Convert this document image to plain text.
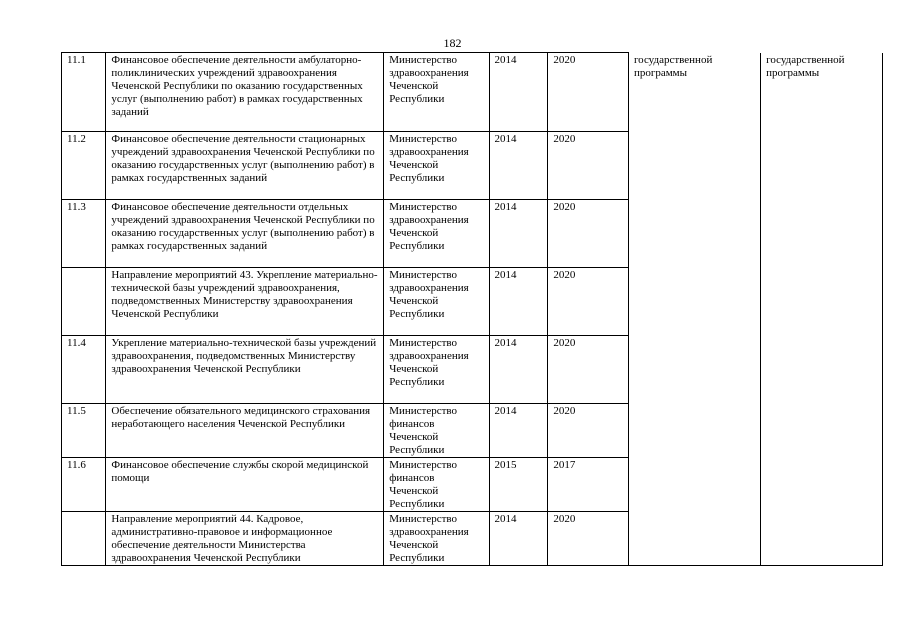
182
11.1	Финансовое обеспечение деятельности амбулаторно-поликлинических учреждений здравоохранения Чеченской Республики по оказанию государственных услуг (выполнению работ) в рамках государственных заданий	Министерство здравоохранения Чеченской Республики	2014	2020	государственной программы	государственной программы
11.2	Финансовое обеспечение деятельности стационарных учреждений здравоохранения Чеченской Республики по оказанию государственных услуг (выполнению работ) в рамках государственных заданий	Министерство здравоохранения Чеченской Республики	2014	2020		
11.3	Финансовое обеспечение деятельности отдельных учреждений здравоохранения Чеченской Республики по оказанию государственных услуг (выполнению работ) в рамках государственных заданий	Министерство здравоохранения Чеченской Республики	2014	2020		
	Направление мероприятий 43. Укрепление материально-технической базы учреждений здравоохранения, подведомственных Министерству здравоохранения Чеченской Республики	Министерство здравоохранения Чеченской Республики	2014	2020		
11.4	Укрепление материально-технической базы учреждений здравоохранения, подведомственных Министерству здравоохранения Чеченской Республики	Министерство здравоохранения Чеченской Республики	2014	2020		
11.5	Обеспечение обязательного медицинского страхования неработающего населения Чеченской Республики	Министерство финансов Чеченской Республики	2014	2020		
11.6	Финансовое обеспечение службы скорой медицинской помощи	Министерство финансов Чеченской Республики	2015	2017		
	Направление мероприятий 44. Кадровое, административно-правовое и информационное обеспечение деятельности Министерства здравоохранения Чеченской Республики	Министерство здравоохранения Чеченской Республики	2014	2020		
